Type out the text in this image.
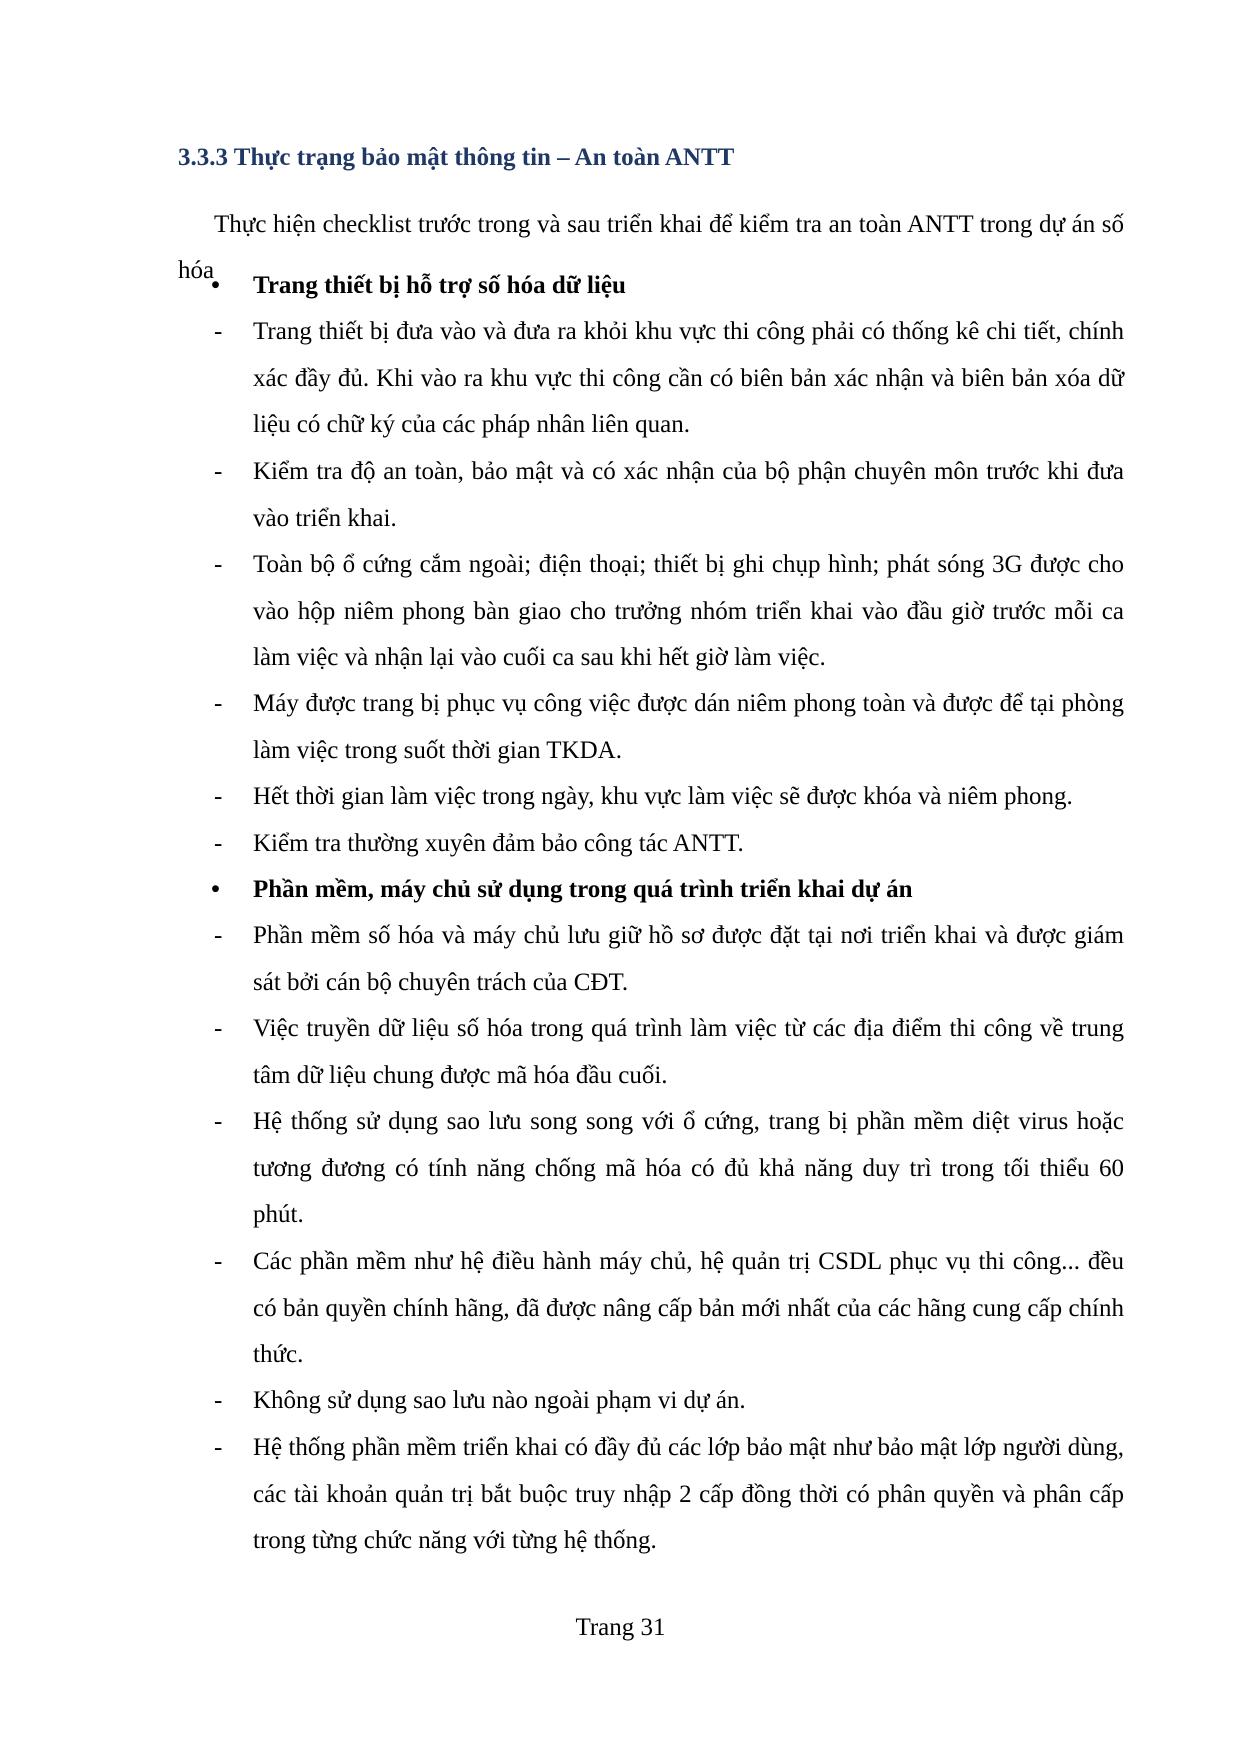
3.3.3 Thực trạng bảo mật thông tin – An toàn ANTT
Thực hiện checklist trước trong và sau triển khai để kiểm tra an toàn ANTT trong dự án số hóa
• Trang thiết bị hỗ trợ số hóa dữ liệu
- Trang thiết bị đưa vào và đưa ra khỏi khu vực thi công phải có thống kê chi tiết, chính xác đầy đủ. Khi vào ra khu vực thi công cần có biên bản xác nhận và biên bản xóa dữ liệu có chữ ký của các pháp nhân liên quan.
- Kiểm tra độ an toàn, bảo mật và có xác nhận của bộ phận chuyên môn trước khi đưa vào triển khai.
- Toàn bộ ổ cứng cắm ngoài; điện thoại; thiết bị ghi chụp hình; phát sóng 3G được cho vào hộp niêm phong bàn giao cho trưởng nhóm triển khai vào đầu giờ trước mỗi ca làm việc và nhận lại vào cuối ca sau khi hết giờ làm việc.
- Máy được trang bị phục vụ công việc được dán niêm phong toàn và được để tại phòng làm việc trong suốt thời gian TKDA.
- Hết thời gian làm việc trong ngày, khu vực làm việc sẽ được khóa và niêm phong.
- Kiểm tra thường xuyên đảm bảo công tác ANTT.
• Phần mềm, máy chủ sử dụng trong quá trình triển khai dự án
- Phần mềm số hóa và máy chủ lưu giữ hồ sơ được đặt tại nơi triển khai và được giám sát bởi cán bộ chuyên trách của CĐT.
- Việc truyền dữ liệu số hóa trong quá trình làm việc từ các địa điểm thi công về trung tâm dữ liệu chung được mã hóa đầu cuối.
- Hệ thống sử dụng sao lưu song song với ổ cứng, trang bị phần mềm diệt virus hoặc tương đương có tính năng chống mã hóa có đủ khả năng duy trì trong tối thiểu 60 phút.
- Các phần mềm như hệ điều hành máy chủ, hệ quản trị CSDL phục vụ thi công... đều có bản quyền chính hãng, đã được nâng cấp bản mới nhất của các hãng cung cấp chính thức.
- Không sử dụng sao lưu nào ngoài phạm vi dự án.
- Hệ thống phần mềm triển khai có đầy đủ các lớp bảo mật như bảo mật lớp người dùng, các tài khoản quản trị bắt buộc truy nhập 2 cấp đồng thời có phân quyền và phân cấp trong từng chức năng với từng hệ thống.
Trang 31
